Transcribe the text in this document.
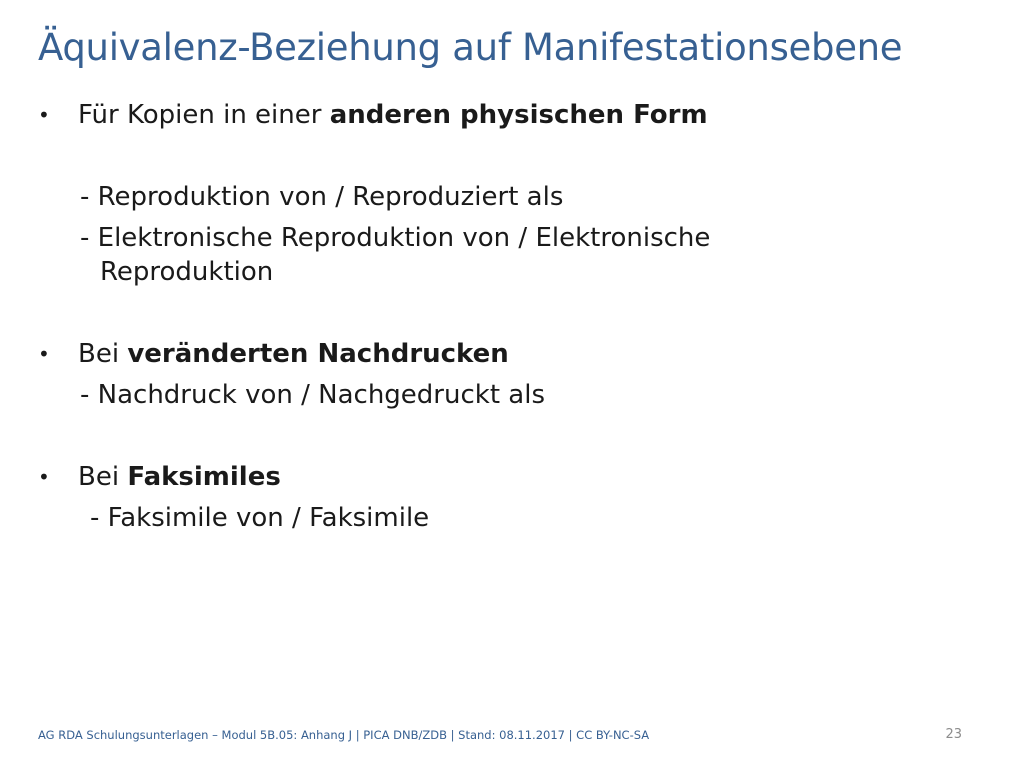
Äquivalenz-Beziehung auf Manifestationsebene
•	Für Kopien in einer anderen physischen Form
- Reproduktion von / Reproduziert als
- Elektronische Reproduktion von / Elektronische
Reproduktion
•	Bei veränderten Nachdrucken
- Nachdruck von / Nachgedruckt als
•	Bei Faksimiles
- Faksimile von / Faksimile
AG RDA Schulungsunterlagen – Modul 5B.05: Anhang J | PICA DNB/ZDB | Stand: 08.11.2017 | CC BY-NC-SA	23
